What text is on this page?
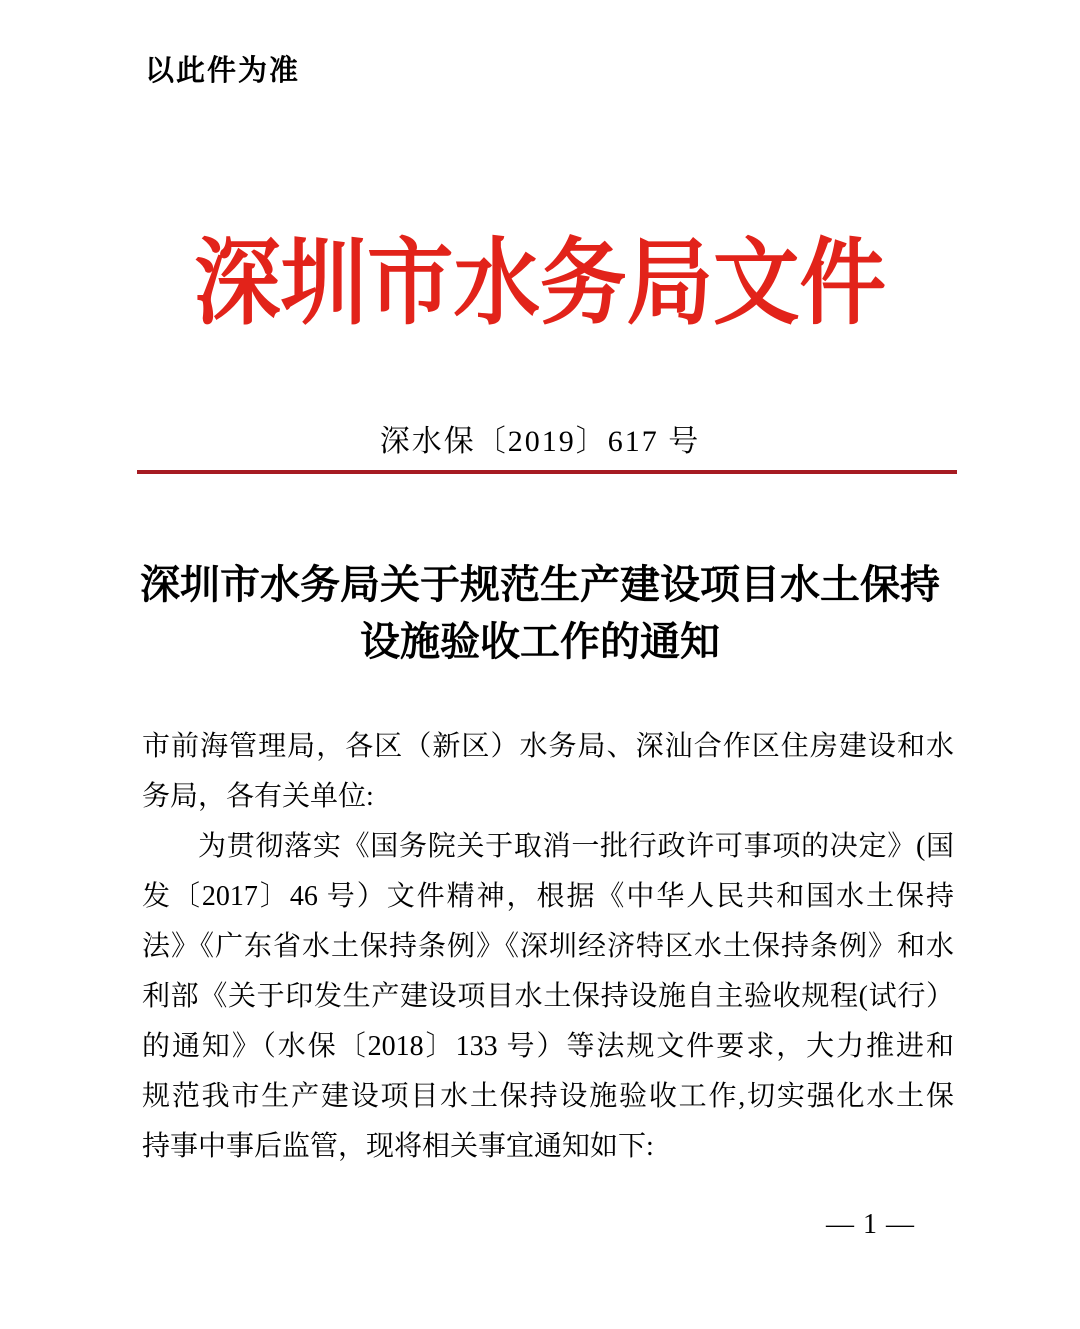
以此件为准
深圳市水务局文件
深水保〔2019〕617 号
深圳市水务局关于规范生产建设项目水土保持
设施验收工作的通知
市前海管理局，各区（新区）水务局、深汕合作区住房建设和水
务局，各有关单位:
为贯彻落实《国务院关于取消一批行政许可事项的决定》(国
发〔2017〕46 号）文件精神，根据《中华人民共和国水土保持
法》《广东省水土保持条例》《深圳经济特区水土保持条例》和水
利部《关于印发生产建设项目水土保持设施自主验收规程(试行）
的通知》（水保〔2018〕133 号）等法规文件要求，大力推进和
规范我市生产建设项目水土保持设施验收工作,切实强化水土保
持事中事后监管，现将相关事宜通知如下:
— 1 —
